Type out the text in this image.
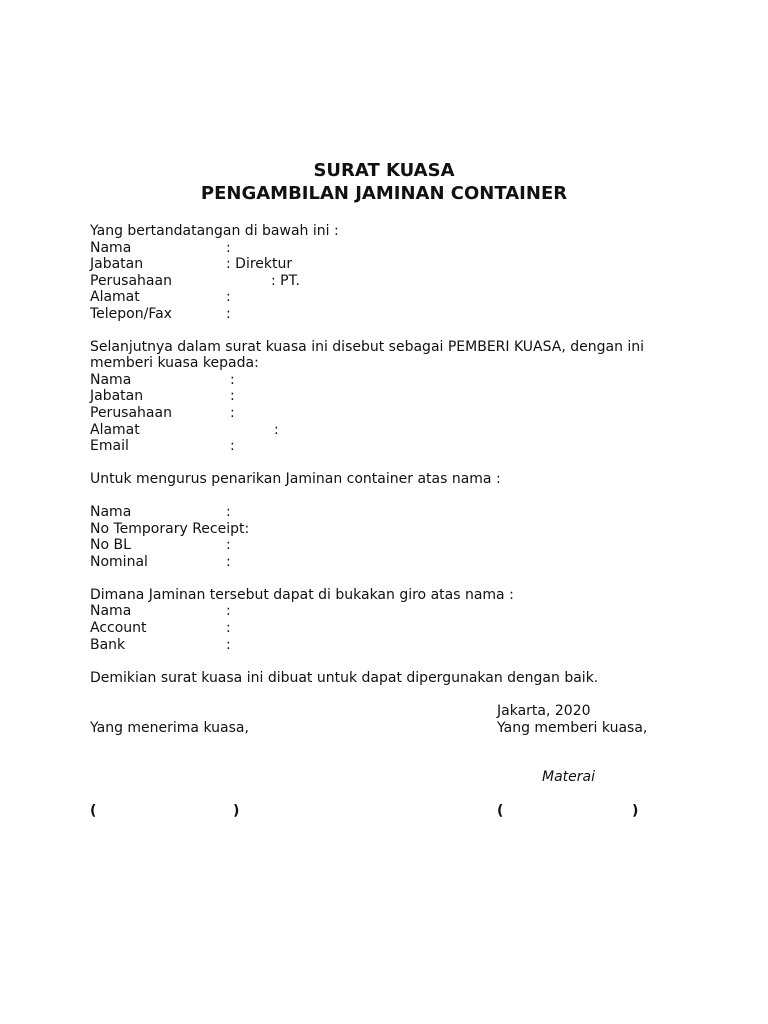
SURAT KUASA
PENGAMBILAN JAMINAN CONTAINER
Yang bertandatangan di bawah ini :
Nama	:
Jabatan	: Direktur
Perusahaan	: PT.
Alamat	:
Telepon/Fax	:
Selanjutnya dalam surat kuasa ini disebut sebagai PEMBERI KUASA, dengan ini
memberi kuasa kepada:
Nama	:
Jabatan	:
Perusahaan	:
Alamat	:
Email	:
Untuk mengurus penarikan Jaminan container atas nama :
Nama	:
No Temporary Receipt:
No BL	:
Nominal	:
Dimana Jaminan tersebut dapat di bukakan giro atas nama :
Nama	:
Account	:
Bank	:
Demikian surat kuasa ini dibuat untuk dapat dipergunakan dengan baik.
Jakarta, 2020
Yang menerima kuasa,	Yang memberi kuasa,
Materai
(	)	(	)
